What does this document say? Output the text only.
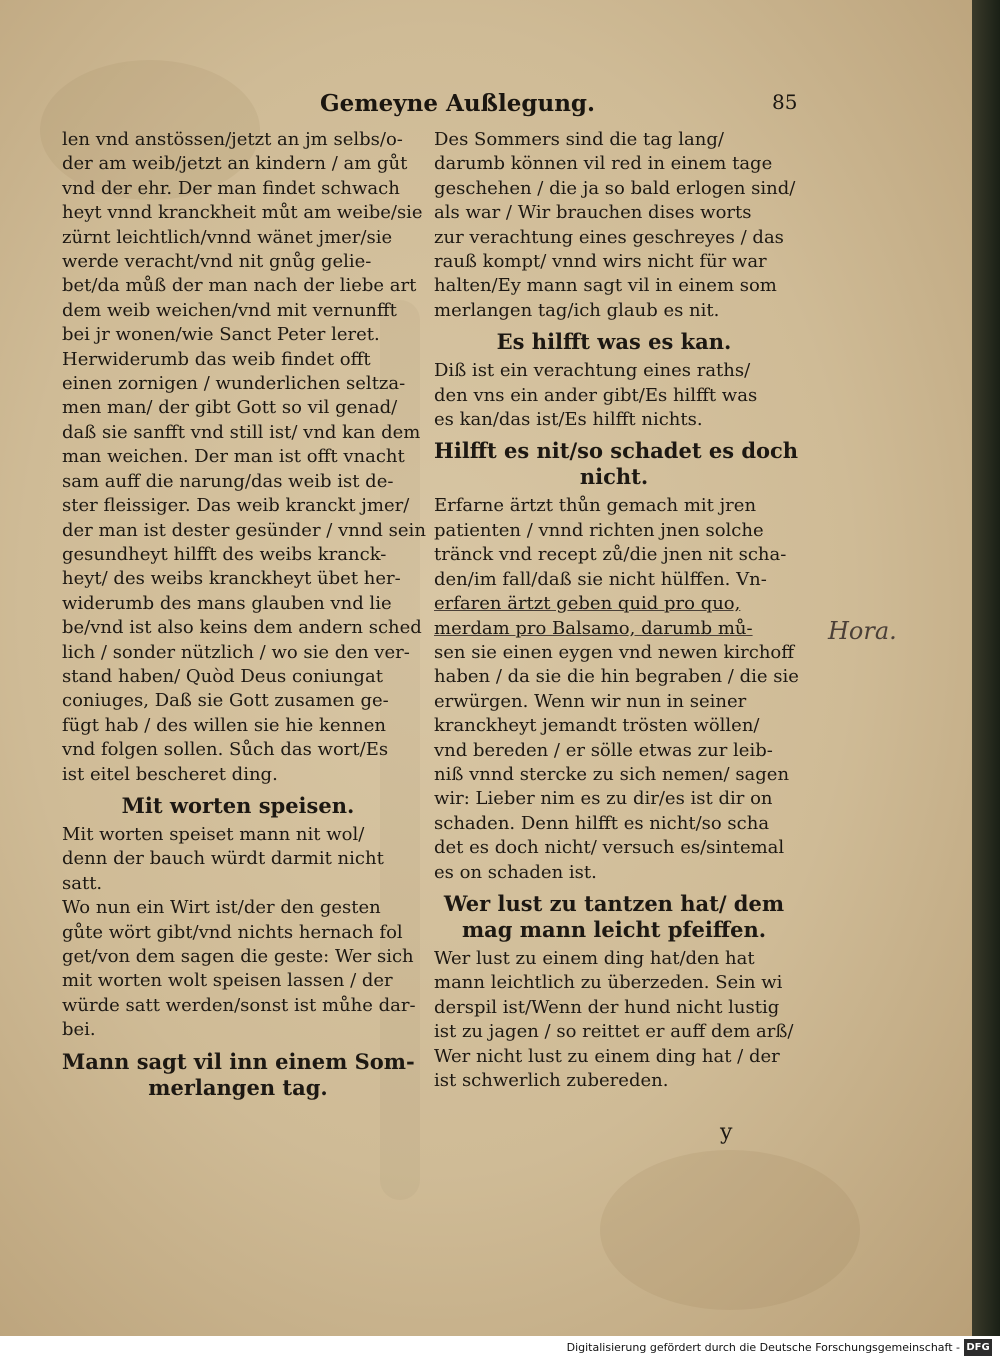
Gemeyne Außlegung.	85
len vnd anstössen/jetzt an jm selbs/o-
der am weib/jetzt an kindern / am gůt
vnd der ehr. Der man findet schwach
heyt vnnd kranckheit můt am weibe/sie
zürnt leichtlich/vnnd wänet jmer/sie
werde veracht/vnd nit gnůg gelie-
bet/da můß der man nach der liebe art
dem weib weichen/vnd mit vernunfft
bei jr wonen/wie Sanct Peter leret.
Herwiderumb das weib findet offt
einen zornigen / wunderlichen seltza-
men man/ der gibt Gott so vil genad/
daß sie sanfft vnd still ist/ vnd kan dem
man weichen. Der man ist offt vnacht
sam auff die narung/das weib ist de-
ster fleissiger. Das weib kranckt jmer/
der man ist dester gesünder / vnnd sein
gesundheyt hilfft des weibs kranck-
heyt/ des weibs kranckheyt übet her-
widerumb des mans glauben vnd lie
be/vnd ist also keins dem andern sched
lich / sonder nützlich / wo sie den ver-
stand haben/ Quòd Deus coniungat
coniuges, Daß sie Gott zusamen ge-
fügt hab / des willen sie hie kennen
vnd folgen sollen. Sůch das wort/Es
ist eitel bescheret ding.
Mit worten speisen.
Mit worten speiset mann nit wol/
denn der bauch würdt darmit nicht
satt.
Wo nun ein Wirt ist/der den gesten
gůte wört gibt/vnd nichts hernach fol
get/von dem sagen die geste: Wer sich
mit worten wolt speisen lassen / der
würde satt werden/sonst ist můhe dar-
bei.
Mann sagt vil inn einem Som-
merlangen tag.
Des Sommers sind die tag lang/
darumb können vil red in einem tage
geschehen / die ja so bald erlogen sind/
als war / Wir brauchen dises worts
zur verachtung eines geschreyes / das
rauß kompt/ vnnd wirs nicht für war
halten/Ey mann sagt vil in einem som
merlangen tag/ich glaub es nit.
Es hilfft was es kan.
Diß ist ein verachtung eines raths/
den vns ein ander gibt/Es hilfft was
es kan/das ist/Es hilfft nichts.
Hilfft es nit/so schadet es doch
nicht.
Erfarne ärtzt thůn gemach mit jren
patienten / vnnd richten jnen solche
tränck vnd recept zů/die jnen nit scha-
den/im fall/daß sie nicht hülffen. Vn-
erfaren ärtzt geben quid pro quo,
merdam pro Balsamo, darumb mů-
sen sie einen eygen vnd newen kirchoff
haben / da sie die hin begraben / die sie
erwürgen. Wenn wir nun in seiner
kranckheyt jemandt trösten wöllen/
vnd bereden / er sölle etwas zur leib-
niß vnnd stercke zu sich nemen/ sagen
wir: Lieber nim es zu dir/es ist dir on
schaden. Denn hilfft es nicht/so scha
det es doch nicht/ versuch es/sintemal
es on schaden ist.
Wer lust zu tantzen hat/ dem
mag mann leicht pfeiffen.
Wer lust zu einem ding hat/den hat
mann leichtlich zu überzeden. Sein wi
derspil ist/Wenn der hund nicht lustig
ist zu jagen / so reittet er auff dem arß/
Wer nicht lust zu einem ding hat / der
ist schwerlich zubereden.
Hora.
y
Digitalisierung gefördert durch die Deutsche Forschungsgemeinschaft - DFG
